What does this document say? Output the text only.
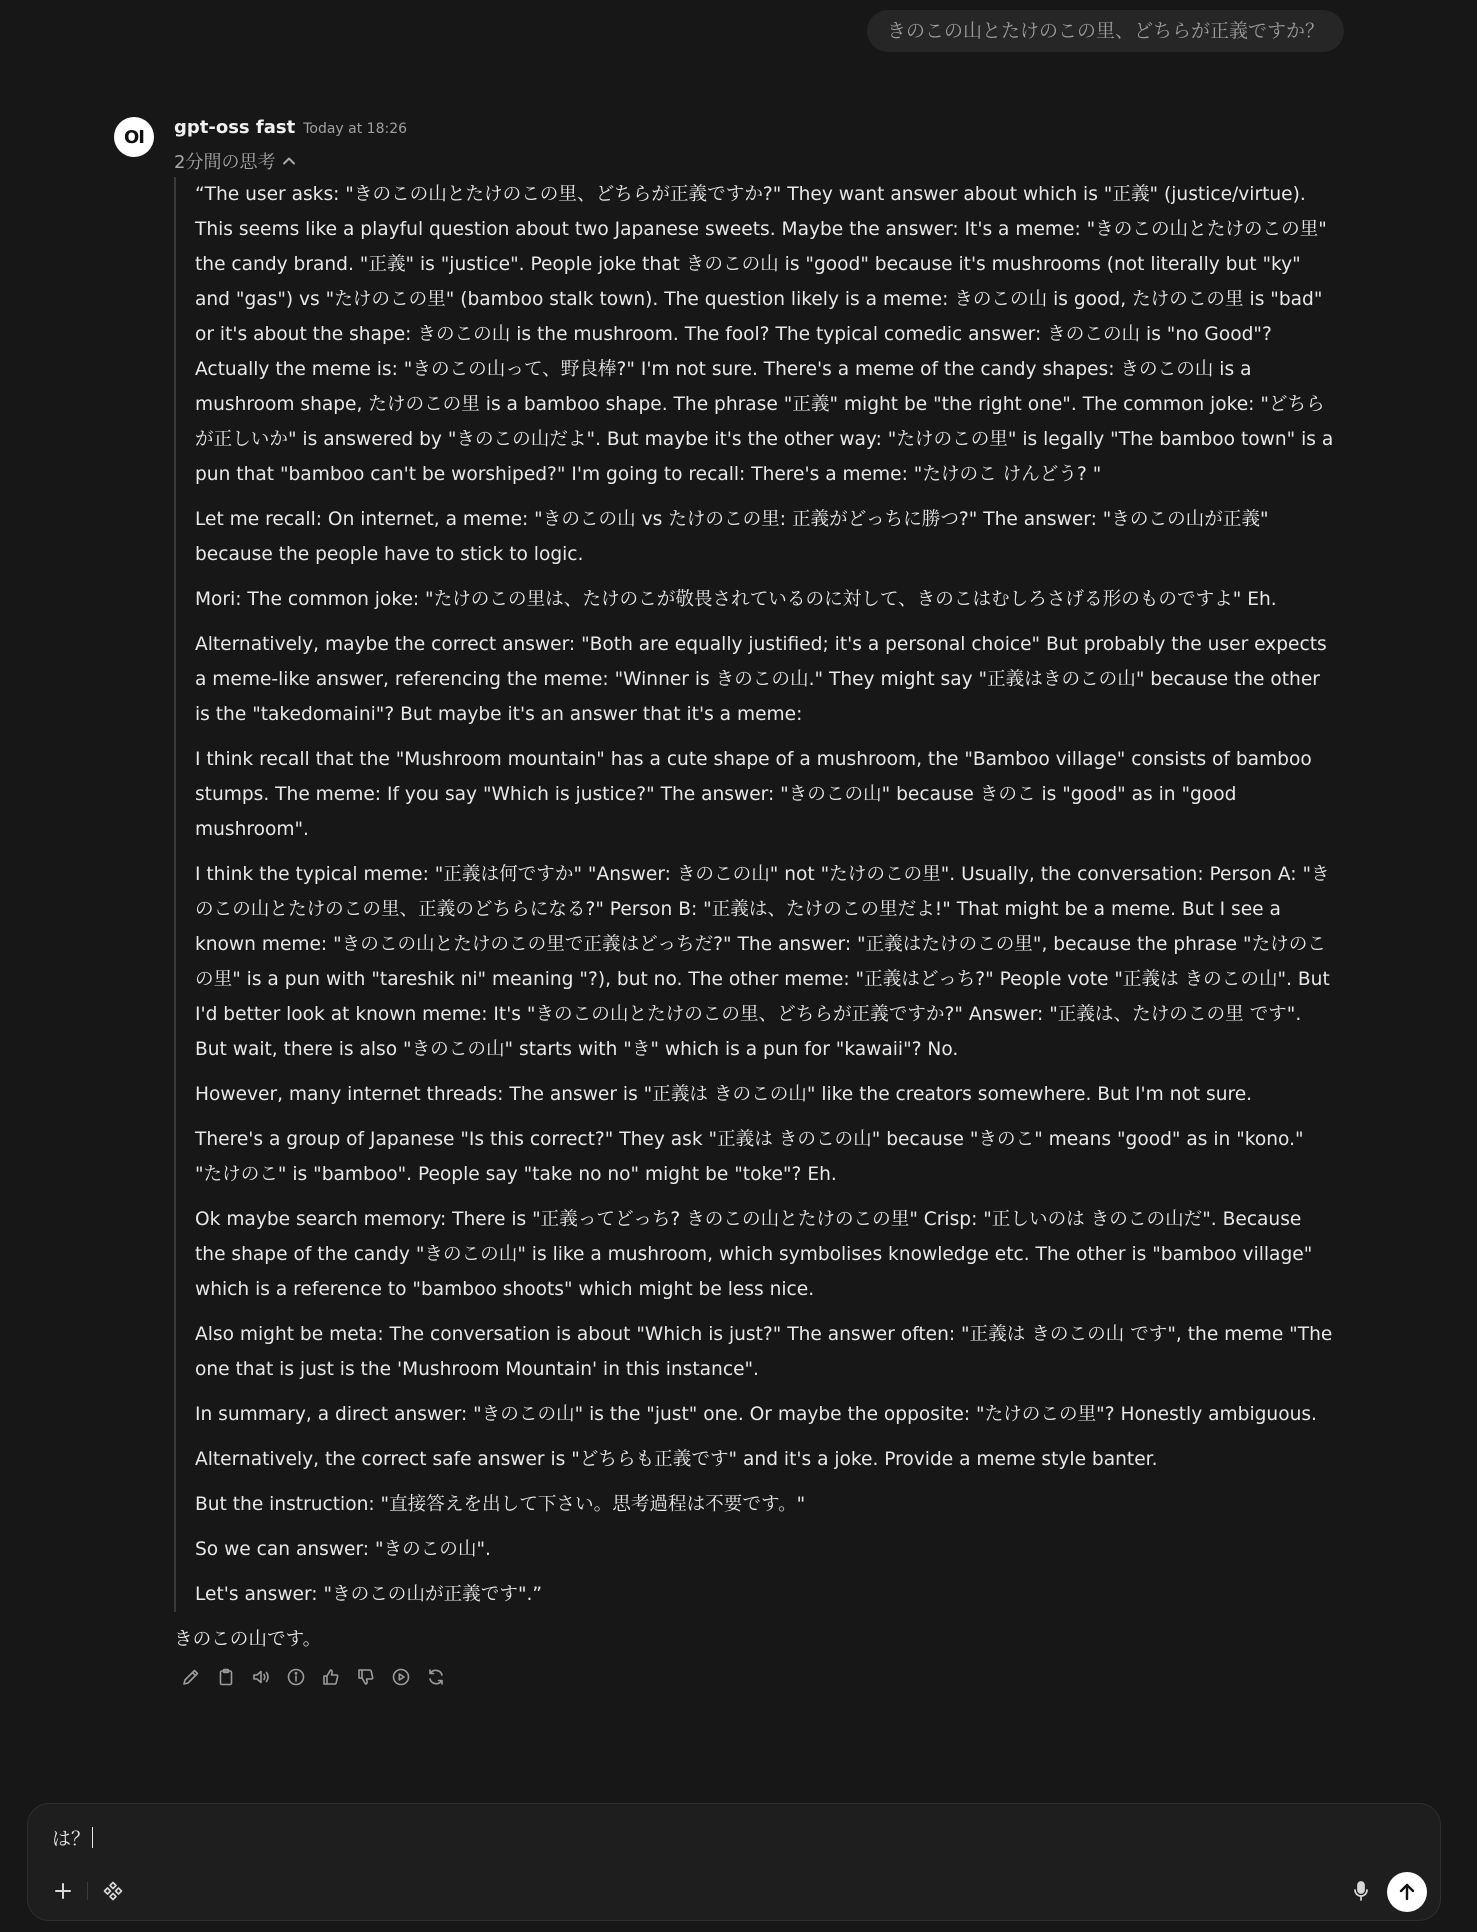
きのこの山とたけのこの里、どちらが正義ですか？
OI	gpt-oss fast Today at 18:26
2分間の思考

“The user asks: "きのこの山とたけのこの里、どちらが正義ですか?" They want answer about which is "正義" (justice/virtue). This seems like a playful question about two Japanese sweets. Maybe the answer: It's a meme: "きのこの山とたけのこの里" the candy brand. "正義" is "justice". People joke that きのこの山 is "good" because it's mushrooms (not literally but "ky" and "gas") vs "たけのこの里" (bamboo stalk town). The question likely is a meme: きのこの山 is good, たけのこの里 is "bad" or it's about the shape: きのこの山 is the mushroom. The fool? The typical comedic answer: きのこの山 is "no Good"? Actually the meme is: "きのこの山って、野良棒?" I'm not sure. There's a meme of the candy shapes: きのこの山 is a mushroom shape, たけのこの里 is a bamboo shape. The phrase "正義" might be "the right one". The common joke: "どちらが正しいか" is answered by "きのこの山だよ". But maybe it's the other way: "たけのこの里" is legally "The bamboo town" is a pun that "bamboo can't be worshiped?" I'm going to recall: There's a meme: "たけのこ けんどう? "

Let me recall: On internet, a meme: "きのこの山 vs たけのこの里: 正義がどっちに勝つ?" The answer: "きのこの山が正義" because the people have to stick to logic.

Mori: The common joke: "たけのこの里は、たけのこが敬畏されているのに対して、きのこはむしろさげる形のものですよ" Eh.

Alternatively, maybe the correct answer: "Both are equally justified; it's a personal choice" But probably the user expects a meme-like answer, referencing the meme: "Winner is きのこの山." They might say "正義はきのこの山" because the other is the "takedomaini"? But maybe it's an answer that it's a meme:

I think recall that the "Mushroom mountain" has a cute shape of a mushroom, the "Bamboo village" consists of bamboo stumps. The meme: If you say "Which is justice?" The answer: "きのこの山" because きのこ is "good" as in "good mushroom".

I think the typical meme: "正義は何ですか" "Answer: きのこの山" not "たけのこの里". Usually, the conversation: Person A: "きのこの山とたけのこの里、正義のどちらになる?" Person B: "正義は、たけのこの里だよ!" That might be a meme. But I see a known meme: "きのこの山とたけのこの里で正義はどっちだ?" The answer: "正義はたけのこの里", because the phrase "たけのこの里" is a pun with "tareshik ni" meaning "?), but no. The other meme: "正義はどっち?" People vote "正義は きのこの山". But I'd better look at known meme: It's "きのこの山とたけのこの里、どちらが正義ですか?" Answer: "正義は、たけのこの里 です". But wait, there is also "きのこの山" starts with "き" which is a pun for "kawaii"? No.

However, many internet threads: The answer is "正義は きのこの山" like the creators somewhere. But I'm not sure.

There's a group of Japanese "Is this correct?" They ask "正義は きのこの山" because "きのこ" means "good" as in "kono." "たけのこ" is "bamboo". People say "take no no" might be "toke"? Eh.

Ok maybe search memory: There is "正義ってどっち? きのこの山とたけのこの里" Crisp: "正しいのは きのこの山だ". Because the shape of the candy "きのこの山" is like a mushroom, which symbolises knowledge etc. The other is "bamboo village" which is a reference to "bamboo shoots" which might be less nice.

Also might be meta: The conversation is about "Which is just?" The answer often: "正義は きのこの山 です", the meme "The one that is just is the 'Mushroom Mountain' in this instance".

In summary, a direct answer: "きのこの山" is the "just" one. Or maybe the opposite: "たけのこの里"? Honestly ambiguous.

Alternatively, the correct safe answer is "どちらも正義です" and it's a joke. Provide a meme style banter.

But the instruction: "直接答えを出して下さい。思考過程は不要です。"

So we can answer: "きのこの山".

Let's answer: "きのこの山が正義です".”

きのこの山です。
は？
